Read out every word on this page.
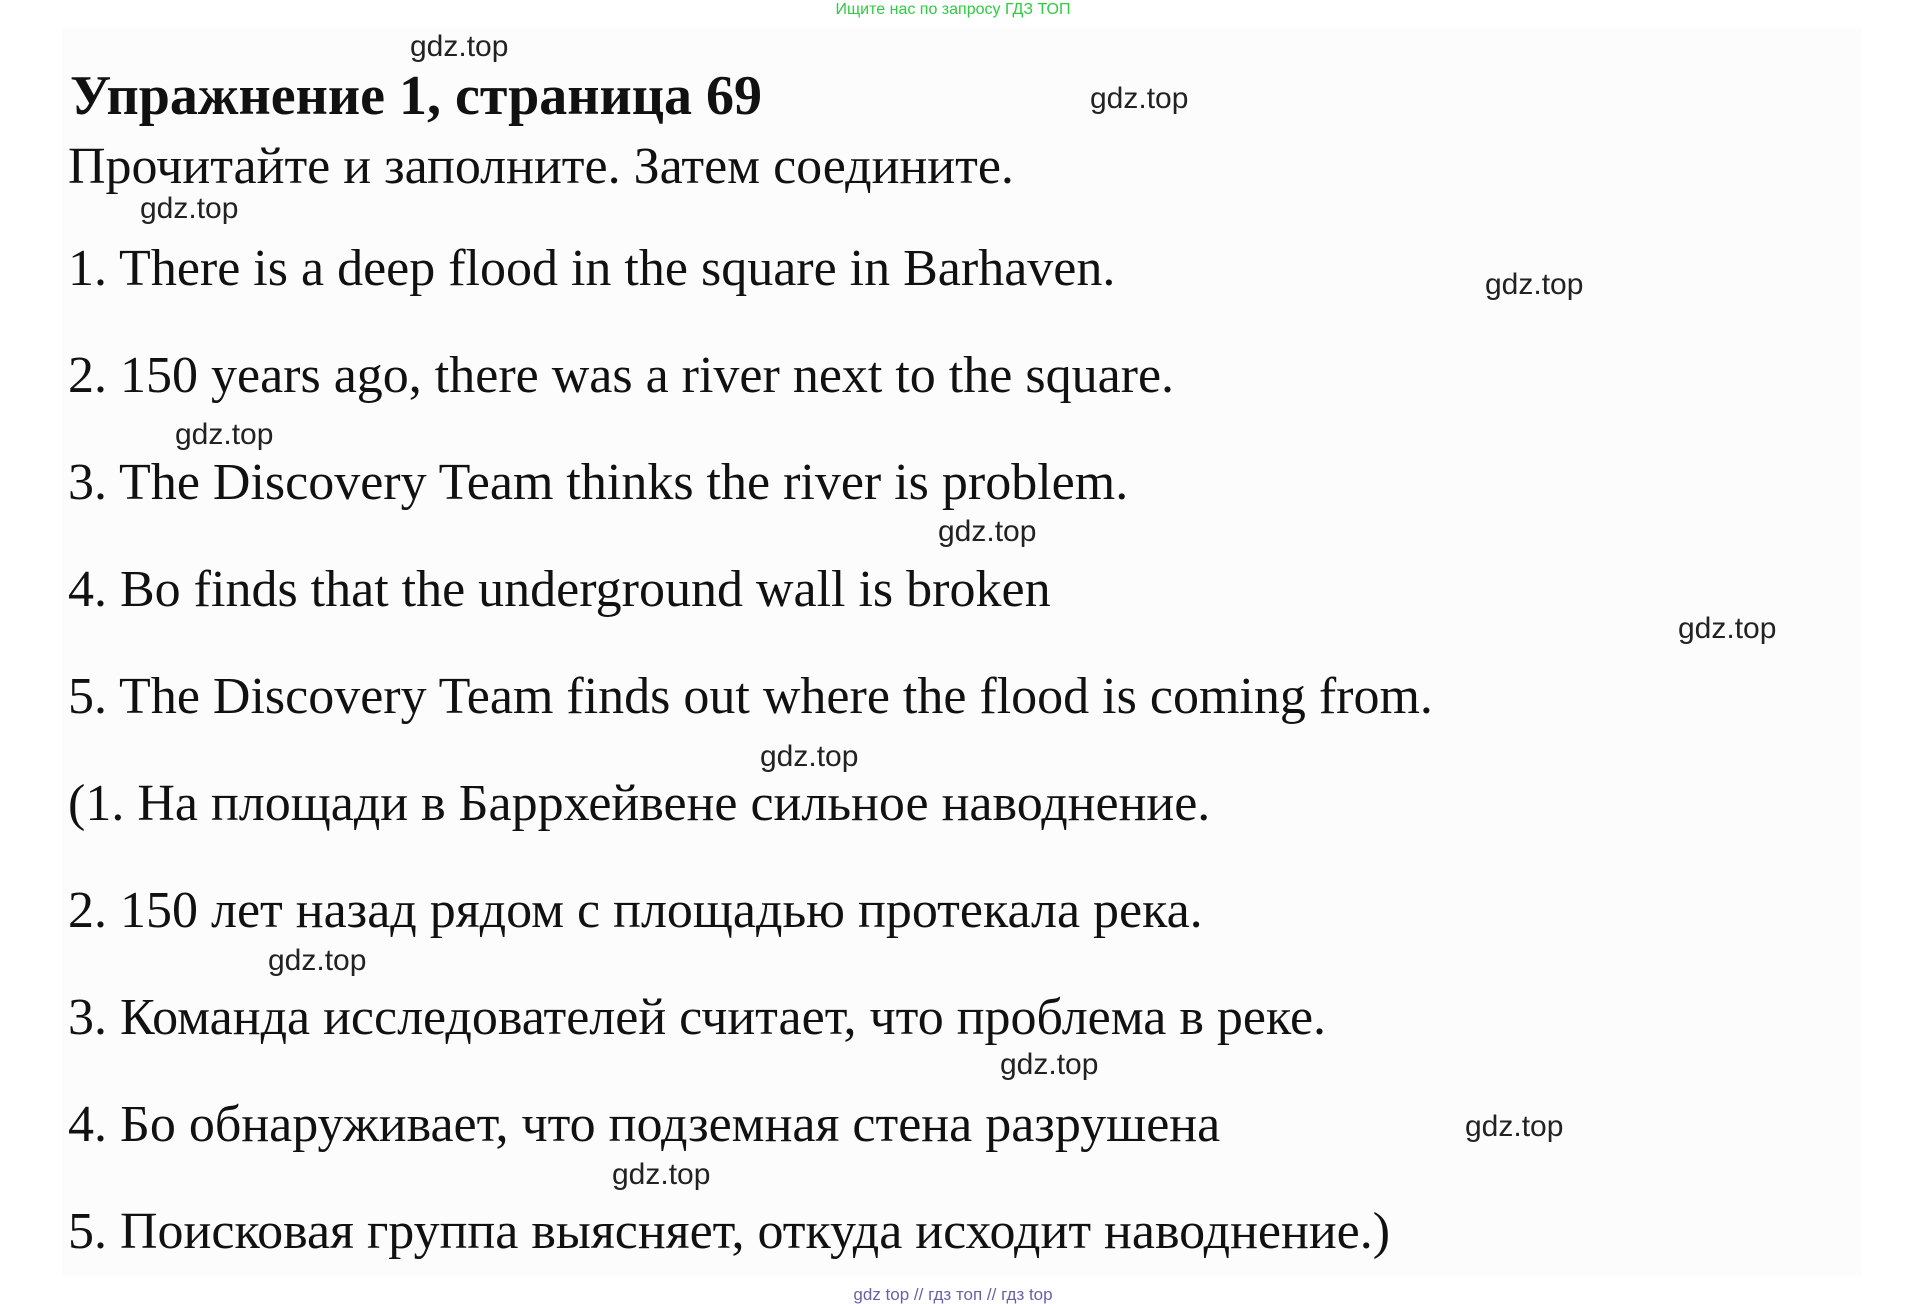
Ищите нас по запросу ГДЗ ТОП
Упражнение 1, страница 69
Прочитайте и заполните. Затем соедините.
1. There is a deep flood in the square in Barhaven.
2. 150 years ago, there was a river next to the square.
3. The Discovery Team thinks the river is problem.
4. Bo finds that the underground wall is broken
5. The Discovery Team finds out where the flood is coming from.
(1. На площади в Баррхейвене сильное наводнение.
2. 150 лет назад рядом с площадью протекала река.
3. Команда исследователей считает, что проблема в реке.
4. Бо обнаруживает, что подземная стена разрушена
5. Поисковая группа выясняет, откуда исходит наводнение.)
gdz.top
gdz.top
gdz.top
gdz.top
gdz.top
gdz.top
gdz.top
gdz.top
gdz.top
gdz.top
gdz.top
gdz.top
gdz top // гдз топ // гдз top
